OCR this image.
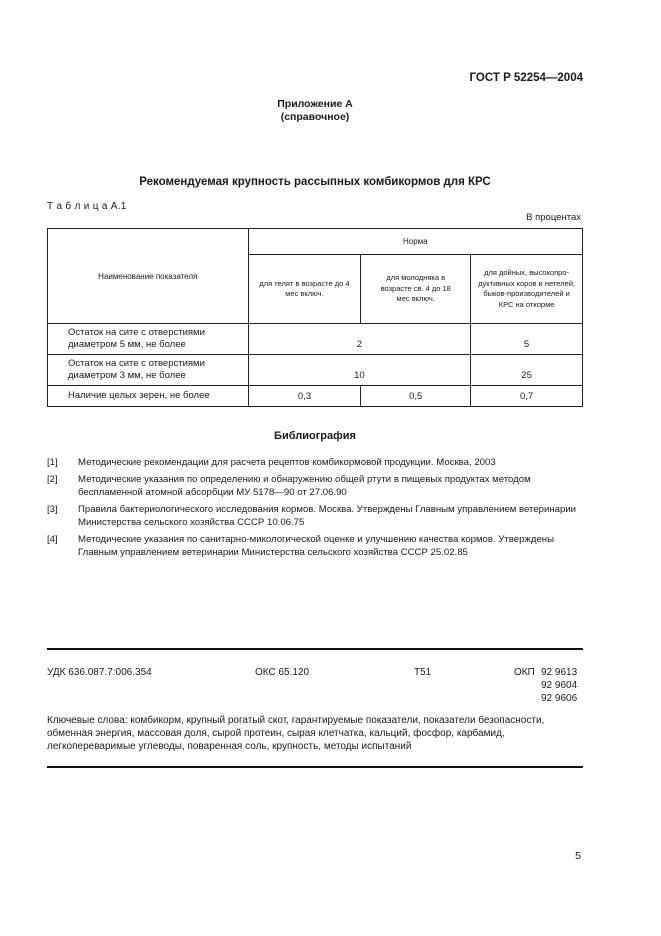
ГОСТ Р 52254—2004
Приложение А
(справочное)
Рекомендуемая крупность рассыпных комбикормов для КРС
Т а б л и ц а А.1
В процентах
Наименование показателя	Норма		
	для телят в возрасте до 4 мес включ.	для молодняка в возрасте св. 4 до 18 мес включ.	для дойных, высокопро-дуктивных коров и нетелей, быков-производителей и КРС на откорме
Остаток на сите с отверстиями диаметром 5 мм, не более	2		5
Остаток на сите с отверстиями диаметром 3 мм, не более	10		25
Наличие целых зерен, не более	0,3	0,5	0,7
Библиография
[1] Методические рекомендации для расчета рецептов комбикормовой продукции. Москва, 2003
[2] Методические указания по определению и обнаружению общей ртути в пищевых продуктах методом беспламенной атомной абсорбции МУ 5178—90 от 27.06.90
[3] Правила бактериологического исследования кормов. Москва. Утверждены Главным управлением ветеринарии Министерства сельского хозяйства СССР 10.06.75
[4] Методические указания по санитарно-микологической оценке и улучшению качества кормов. Утверждены Главным управлением ветеринарии Министерства сельского хозяйства СССР 25.02.85
УДК 636.087.7:006.354	ОКС 65.120	Т51	ОКП 92 9613
92 9604
92 9606
Ключевые слова: комбикорм, крупный рогатый скот, гарантируемые показатели, показатели безопасности, обменная энергия, массовая доля, сырой протеин, сырая клетчатка, кальций, фосфор, карбамид, легкопереваримые углеводы, поваренная соль, крупность, методы испытаний
5
